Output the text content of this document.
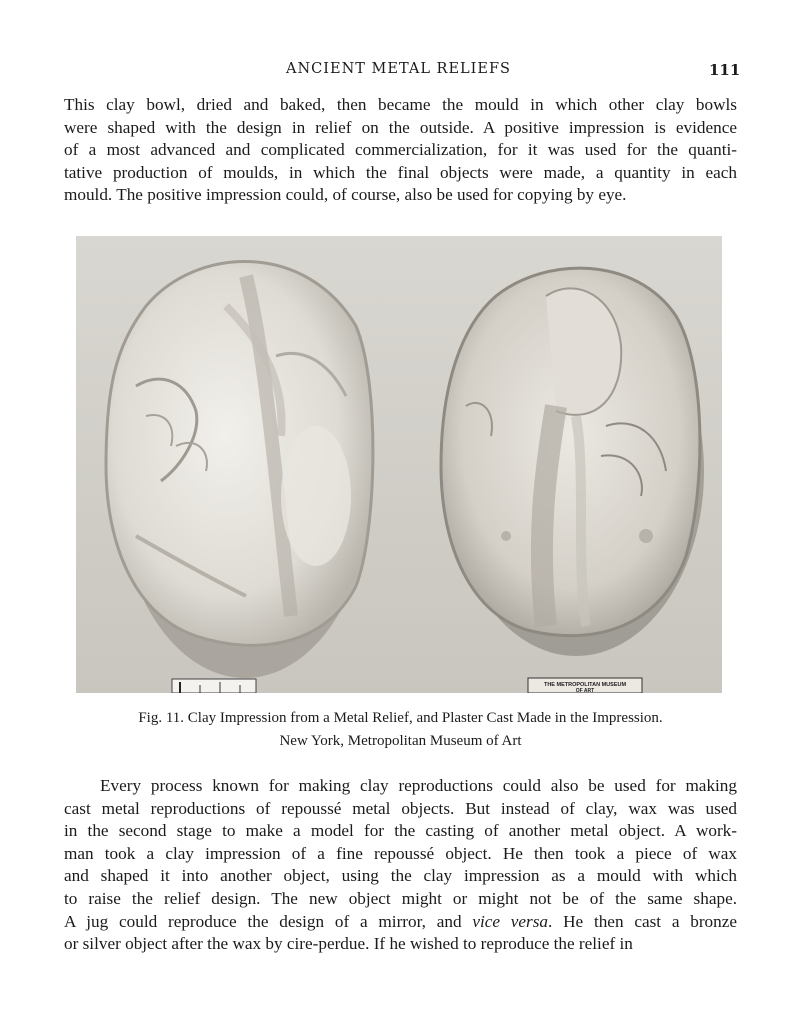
ANCIENT METAL RELIEFS	111

This clay bowl, dried and baked, then became the mould in which other clay bowls
were shaped with the design in relief on the outside. A positive impression is evidence
of a most advanced and complicated commercialization, for it was used for the quanti-
tative production of moulds, in which the final objects were made, a quantity in each
mould. The positive impression could, of course, also be used for copying by eye.

THE METROPOLITAN MUSEUM
OF ART
Fig. 11. Clay Impression from a Metal Relief, and Plaster Cast Made in the Impression.
New York, Metropolitan Museum of Art

Every process known for making clay reproductions could also be used for making
cast metal reproductions of repoussé metal objects. But instead of clay, wax was used
in the second stage to make a model for the casting of another metal object. A work-
man took a clay impression of a fine repoussé object. He then took a piece of wax
and shaped it into another object, using the clay impression as a mould with which
to raise the relief design. The new object might or might not be of the same shape.
A jug could reproduce the design of a mirror, and vice versa. He then cast a bronze
or silver object after the wax by cire-perdue. If he wished to reproduce the relief in
